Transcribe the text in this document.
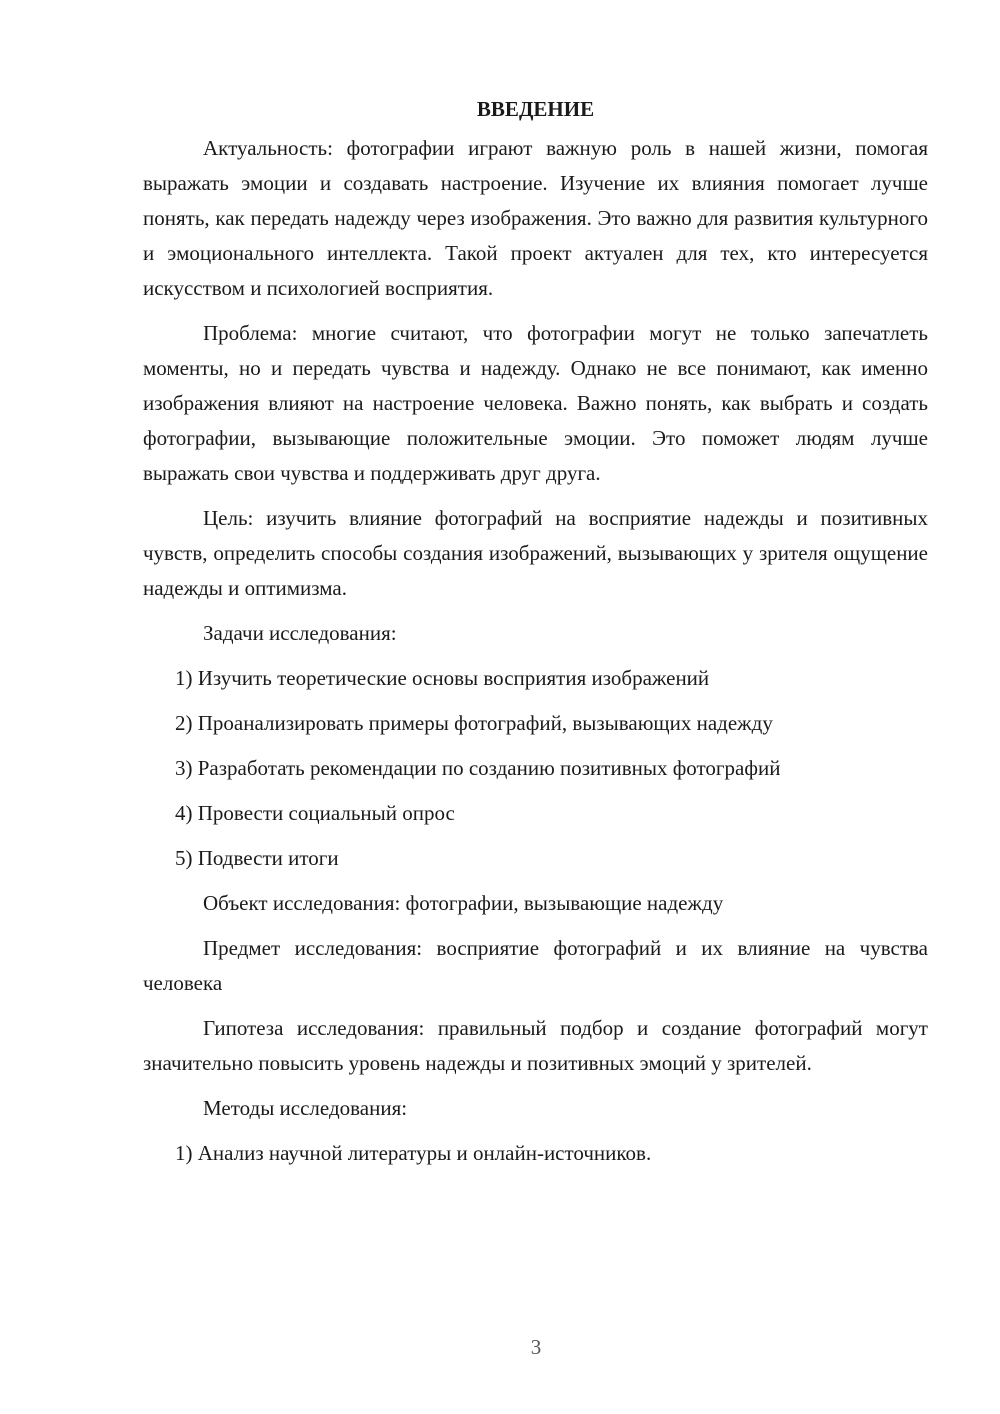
ВВЕДЕНИЕ

Актуальность: фотографии играют важную роль в нашей жизни, помогая выражать эмоции и создавать настроение. Изучение их влияния помогает лучше понять, как передать надежду через изображения. Это важно для развития культурного и эмоционального интеллекта. Такой проект актуален для тех, кто интересуется искусством и психологией восприятия.

Проблема: многие считают, что фотографии могут не только запечатлеть моменты, но и передать чувства и надежду. Однако не все понимают, как именно изображения влияют на настроение человека. Важно понять, как выбрать и создать фотографии, вызывающие положительные эмоции. Это поможет людям лучше выражать свои чувства и поддерживать друг друга.

Цель: изучить влияние фотографий на восприятие надежды и позитивных чувств, определить способы создания изображений, вызывающих у зрителя ощущение надежды и оптимизма.

Задачи исследования:

1) Изучить теоретические основы восприятия изображений
2) Проанализировать примеры фотографий, вызывающих надежду
3) Разработать рекомендации по созданию позитивных фотографий
4) Провести социальный опрос
5) Подвести итоги

Объект исследования: фотографии, вызывающие надежду

Предмет исследования: восприятие фотографий и их влияние на чувства человека

Гипотеза исследования: правильный подбор и создание фотографий могут значительно повысить уровень надежды и позитивных эмоций у зрителей.

Методы исследования:

1) Анализ научной литературы и онлайн-источников.
3
